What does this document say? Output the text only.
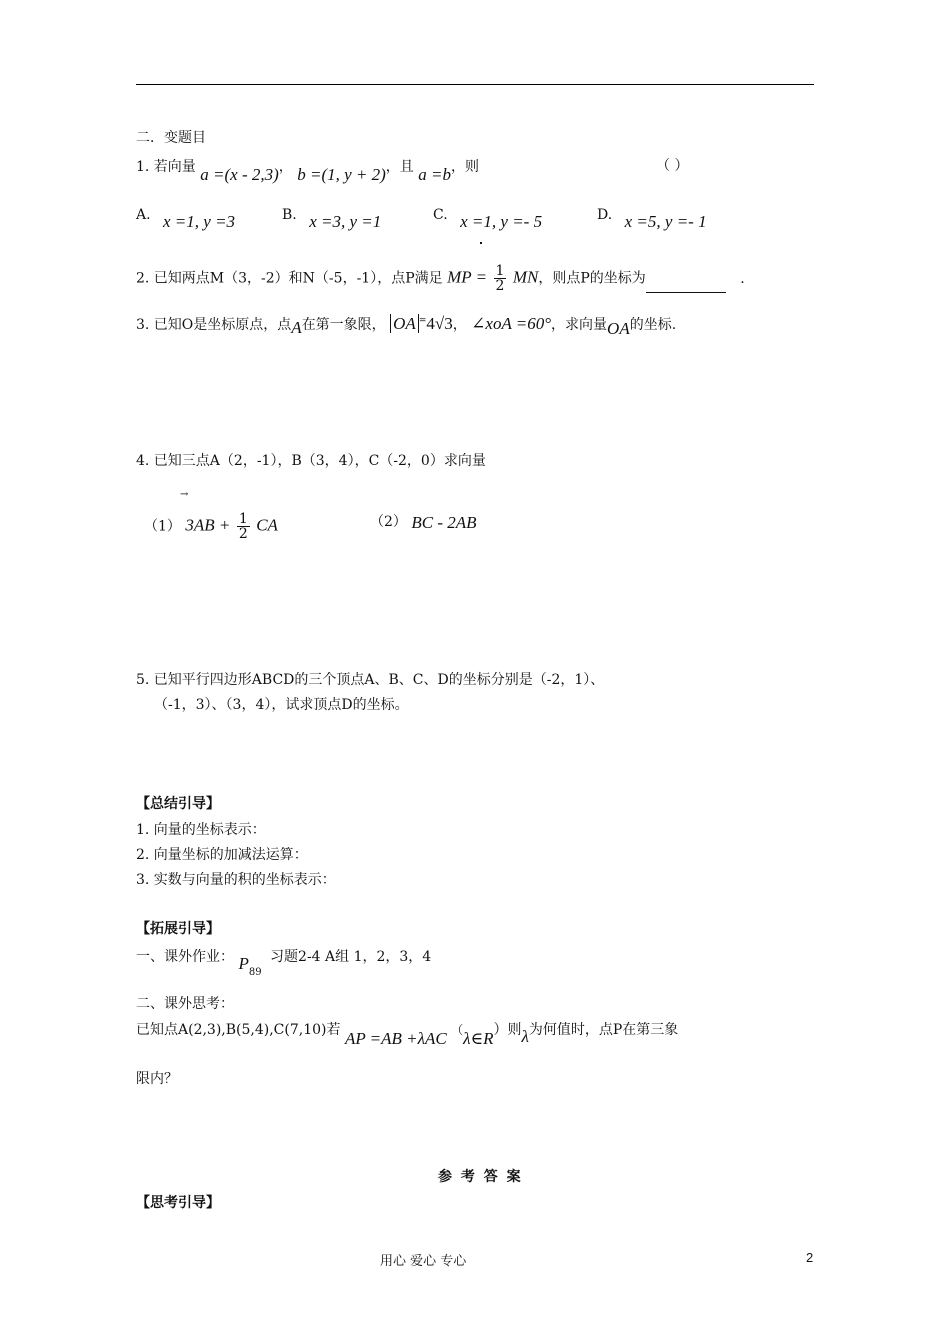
二．变题目
1. 若向量 a =(x - 2,3)， b =(1, y + 2)，且 a =b，则	（ ）
A. x =1, y =3	B. x =3, y =1	C. x =1, y =- 5	D. x =5, y =- 1
2. 已知两点M（3，-2）和N（-5，-1），点P满足 MP = $\frac{1}{2}$ MN，则点P的坐标为	.
3. 已知O是坐标原点，点A在第一象限， OA =4√3， ∠xoA =60°，求向量OA的坐标.
4. 已知三点A（2，-1），B（3，4），C（-2，0）求向量
→
（1） $3AB + \frac{1}{2}$ CA	（2） BC - 2AB
5. 已知平行四边形ABCD的三个顶点A、B、C、D的坐标分别是（-2，1）、
（-1，3）、（3，4），试求顶点D的坐标。
【总结引导】
1. 向量的坐标表示：
2. 向量坐标的加减法运算：
3. 实数与向量的积的坐标表示：
【拓展引导】
一、课外作业： $P_{89}$ 习题2-4 A组 1，2，3，4
二、课外思考：
已知点A(2,3),B(5,4),C(7,10)若 AP =AB +λAC （λ∈R）则λ为何值时，点P在第三象
限内？
参 考 答 案
【思考引导】
用心 爱心 专心	2
